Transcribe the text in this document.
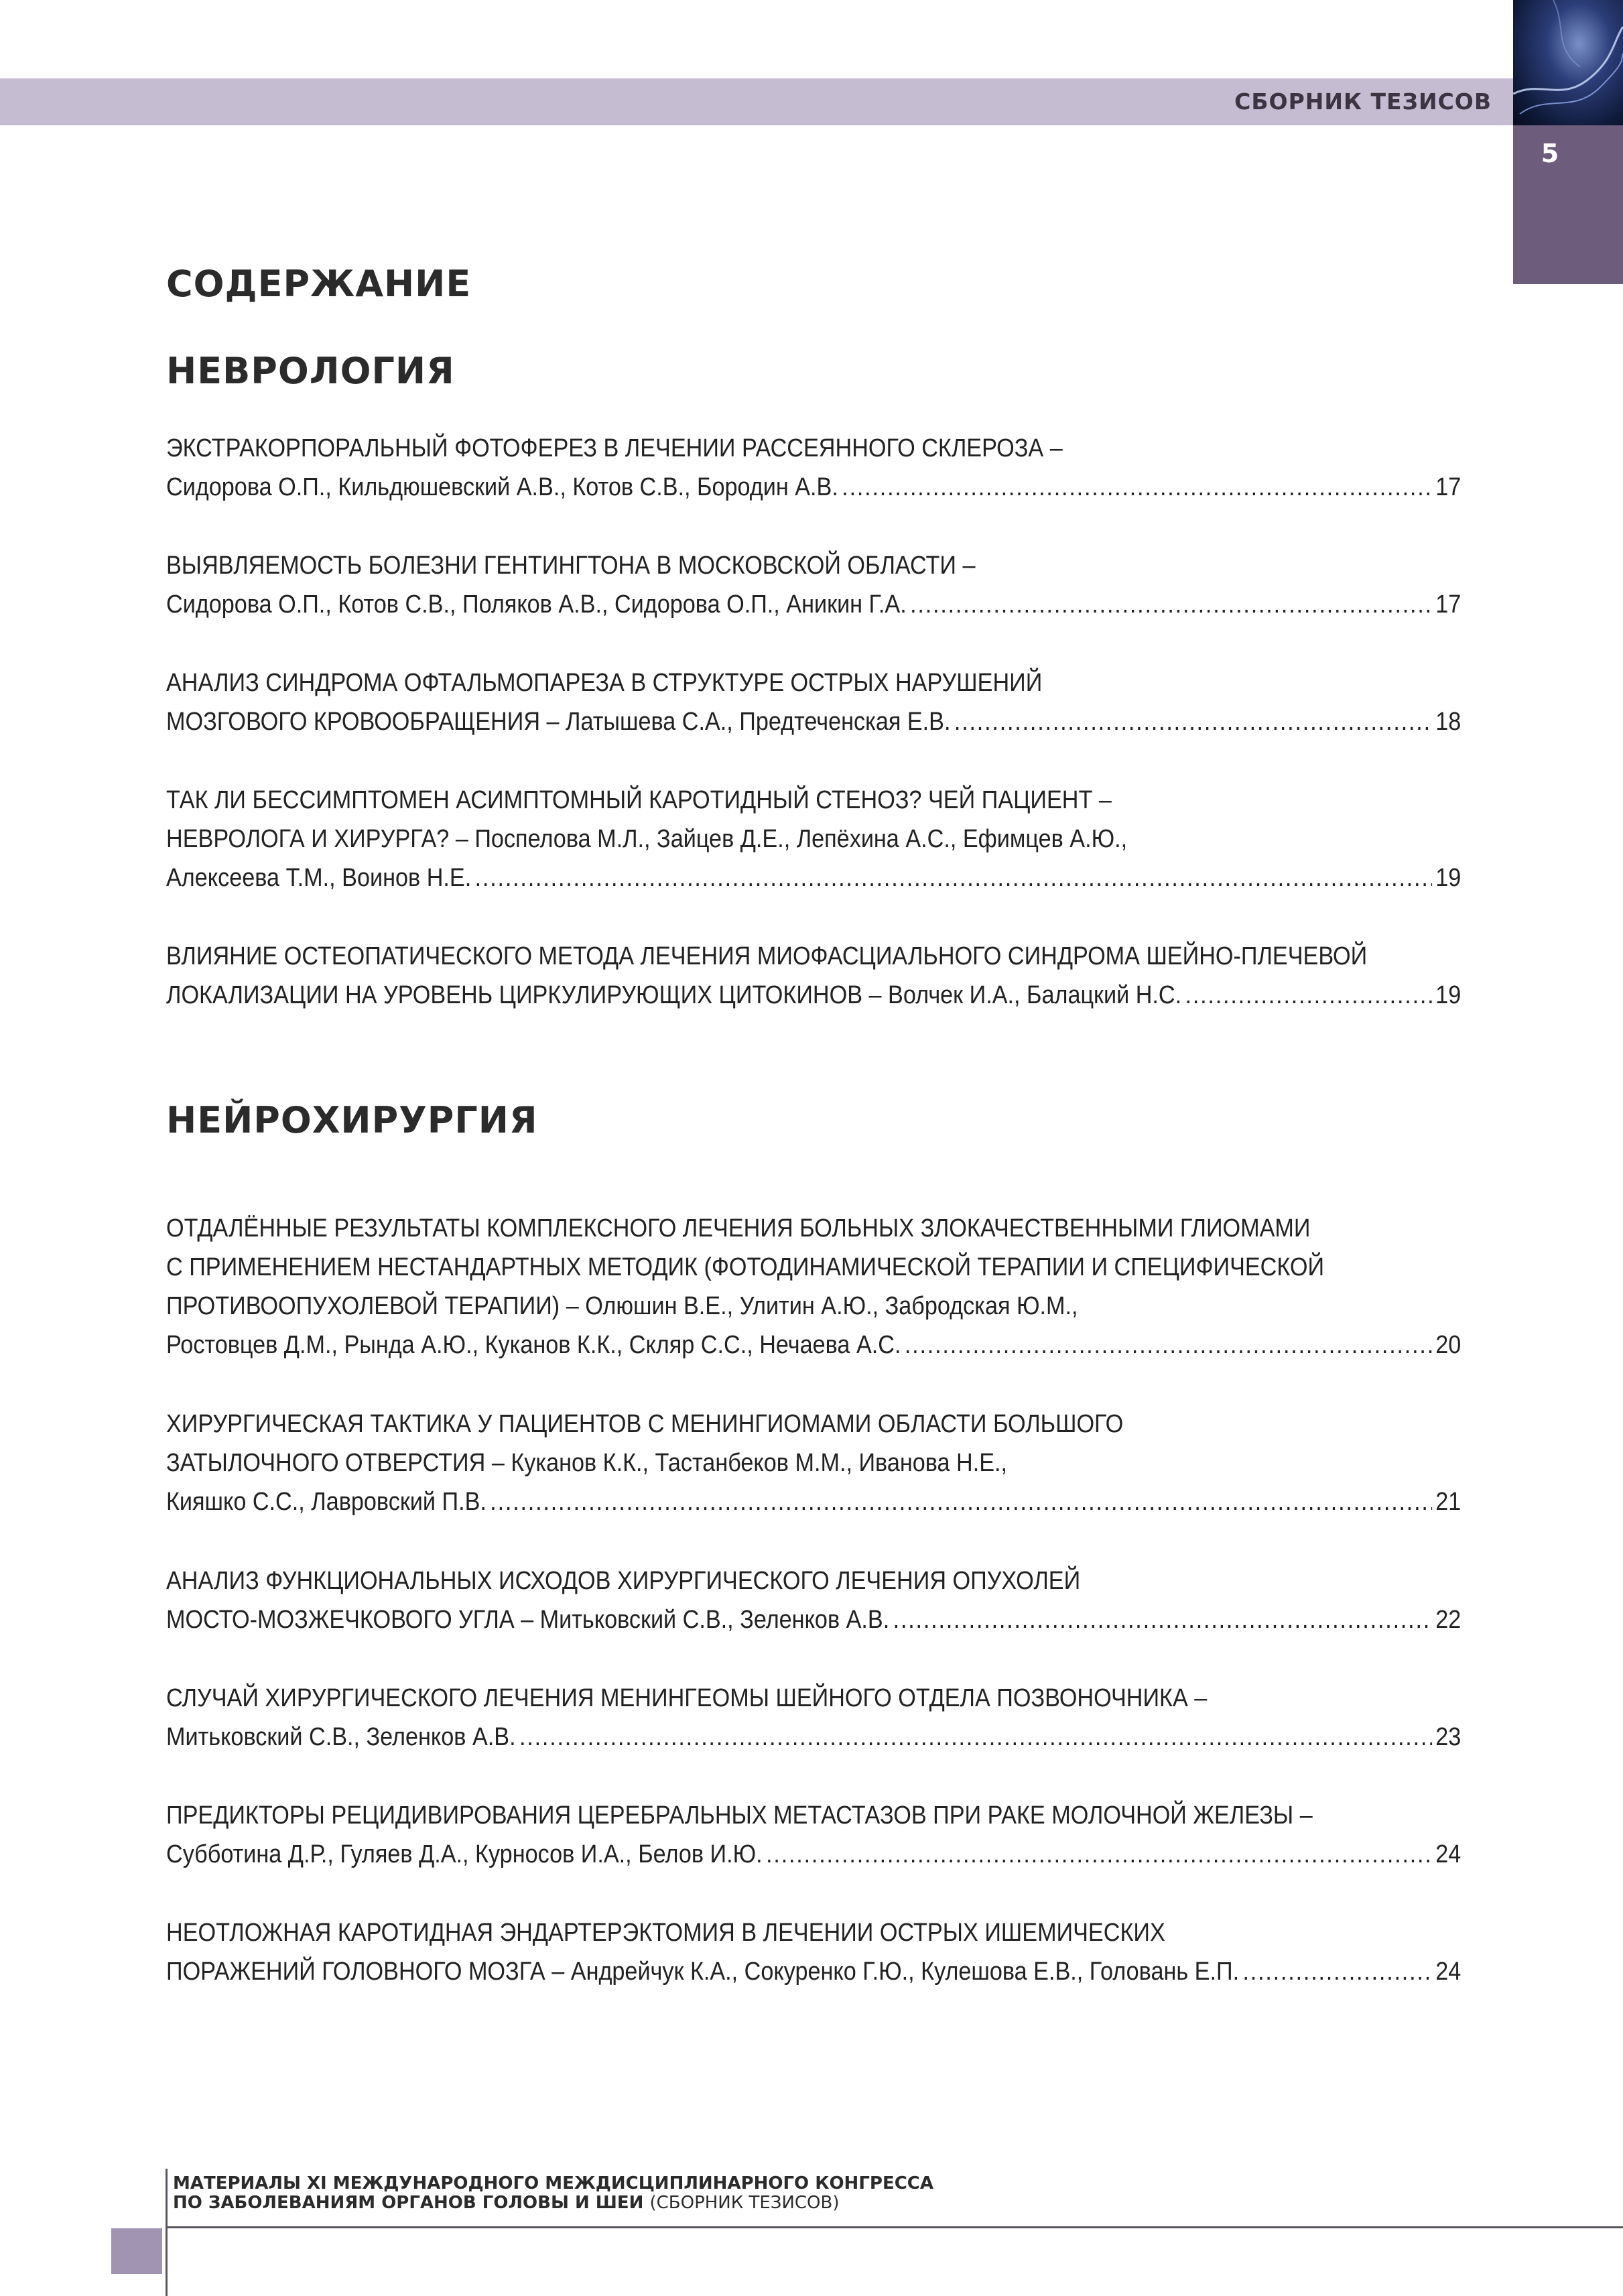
СБОРНИК ТЕЗИСОВ
5
СОДЕРЖАНИЕ
НЕВРОЛОГИЯ
НЕЙРОХИРУРГИЯ
ЭКСТРАКОРПОРАЛЬНЫЙ ФОТОФЕРЕЗ В ЛЕЧЕНИИ РАССЕЯННОГО СКЛЕРОЗА –
Сидорова О.П., Кильдюшевский А.В., Котов С.В., Бородин А.В. .....	17
ВЫЯВЛЯЕМОСТЬ БОЛЕЗНИ ГЕНТИНГТОНА В МОСКОВСКОЙ ОБЛАСТИ –
Сидорова О.П., Котов С.В., Поляков А.В., Сидорова О.П., Аникин Г.А. .....	17
АНАЛИЗ СИНДРОМА ОФТАЛЬМОПАРЕЗА В СТРУКТУРЕ ОСТРЫХ НАРУШЕНИЙ
МОЗГОВОГО КРОВООБРАЩЕНИЯ – Латышева С.А., Предтеченская Е.В. .....	18
ТАК ЛИ БЕССИМПТОМЕН АСИМПТОМНЫЙ КАРОТИДНЫЙ СТЕНОЗ? ЧЕЙ ПАЦИЕНТ –
НЕВРОЛОГА И ХИРУРГА? – Поспелова М.Л., Зайцев Д.Е., Лепёхина А.С., Ефимцев А.Ю.,
Алексеева Т.М., Воинов Н.Е. .....	19
ВЛИЯНИЕ ОСТЕОПАТИЧЕСКОГО МЕТОДА ЛЕЧЕНИЯ МИОФАСЦИАЛЬНОГО СИНДРОМА ШЕЙНО-ПЛЕЧЕВОЙ
ЛОКАЛИЗАЦИИ НА УРОВЕНЬ ЦИРКУЛИРУЮЩИХ ЦИТОКИНОВ – Волчек И.А., Балацкий Н.С. .....	19
ОТДАЛЁННЫЕ РЕЗУЛЬТАТЫ КОМПЛЕКСНОГО ЛЕЧЕНИЯ БОЛЬНЫХ ЗЛОКАЧЕСТВЕННЫМИ ГЛИОМАМИ
С ПРИМЕНЕНИЕМ НЕСТАНДАРТНЫХ МЕТОДИК (ФОТОДИНАМИЧЕСКОЙ ТЕРАПИИ И СПЕЦИФИЧЕСКОЙ
ПРОТИВООПУХОЛЕВОЙ ТЕРАПИИ) – Олюшин В.Е., Улитин А.Ю., Забродская Ю.М.,
Ростовцев Д.М., Рында А.Ю., Куканов К.К., Скляр С.С., Нечаева А.С. .....	20
ХИРУРГИЧЕСКАЯ ТАКТИКА У ПАЦИЕНТОВ С МЕНИНГИОМАМИ ОБЛАСТИ БОЛЬШОГО
ЗАТЫЛОЧНОГО ОТВЕРСТИЯ – Куканов К.К., Тастанбеков М.М., Иванова Н.Е.,
Кияшко С.С., Лавровский П.В. .....	21
АНАЛИЗ ФУНКЦИОНАЛЬНЫХ ИСХОДОВ ХИРУРГИЧЕСКОГО ЛЕЧЕНИЯ ОПУХОЛЕЙ
МОСТО-МОЗЖЕЧКОВОГО УГЛА – Митьковский С.В., Зеленков А.В. .....	22
СЛУЧАЙ ХИРУРГИЧЕСКОГО ЛЕЧЕНИЯ МЕНИНГЕОМЫ ШЕЙНОГО ОТДЕЛА ПОЗВОНОЧНИКА –
Митьковский С.В., Зеленков А.В. .....	23
ПРЕДИКТОРЫ РЕЦИДИВИРОВАНИЯ ЦЕРЕБРАЛЬНЫХ МЕТАСТАЗОВ ПРИ РАКЕ МОЛОЧНОЙ ЖЕЛЕЗЫ –
Субботина Д.Р., Гуляев Д.А., Курносов И.А., Белов И.Ю. .....	24
НЕОТЛОЖНАЯ КАРОТИДНАЯ ЭНДАРТЕРЭКТОМИЯ В ЛЕЧЕНИИ ОСТРЫХ ИШЕМИЧЕСКИХ
ПОРАЖЕНИЙ ГОЛОВНОГО МОЗГА – Андрейчук К.А., Сокуренко Г.Ю., Кулешова Е.В., Головань Е.П. .....	24
МАТЕРИАЛЫ XI МЕЖДУНАРОДНОГО МЕЖДИСЦИПЛИНАРНОГО КОНГРЕССА
ПО ЗАБОЛЕВАНИЯМ ОРГАНОВ ГОЛОВЫ И ШЕИ (СБОРНИК ТЕЗИСОВ)
